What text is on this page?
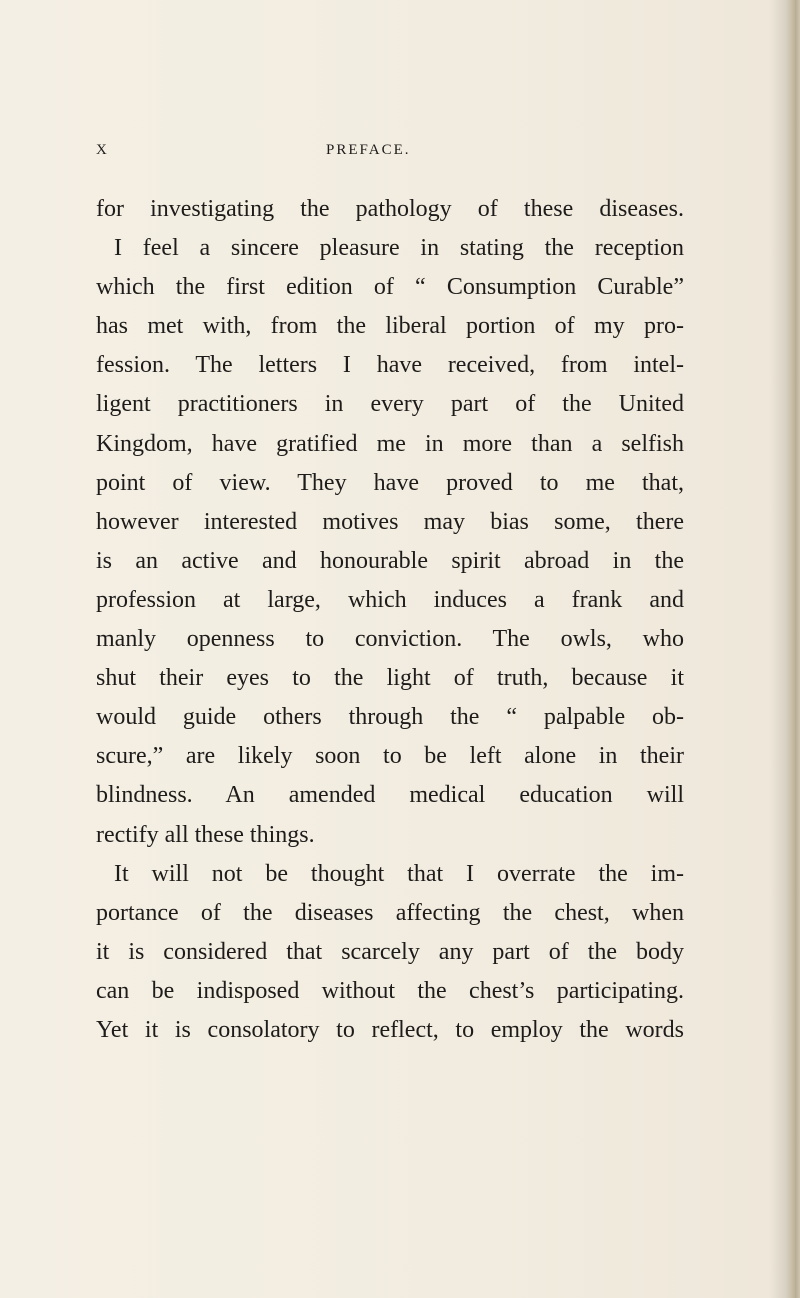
X	PREFACE.
for investigating the pathology of these diseases.
I feel a sincere pleasure in stating the reception
which the first edition of “ Consumption Curable”
has met with, from the liberal portion of my pro-
fession. The letters I have received, from intel-
ligent practitioners in every part of the United
Kingdom, have gratified me in more than a selfish
point of view. They have proved to me that,
however interested motives may bias some, there
is an active and honourable spirit abroad in the
profession at large, which induces a frank and
manly openness to conviction. The owls, who
shut their eyes to the light of truth, because it
would guide others through the “ palpable ob-
scure,” are likely soon to be left alone in their
blindness. An amended medical education will
rectify all these things.
It will not be thought that I overrate the im-
portance of the diseases affecting the chest, when
it is considered that scarcely any part of the body
can be indisposed without the chest’s participating.
Yet it is consolatory to reflect, to employ the words
